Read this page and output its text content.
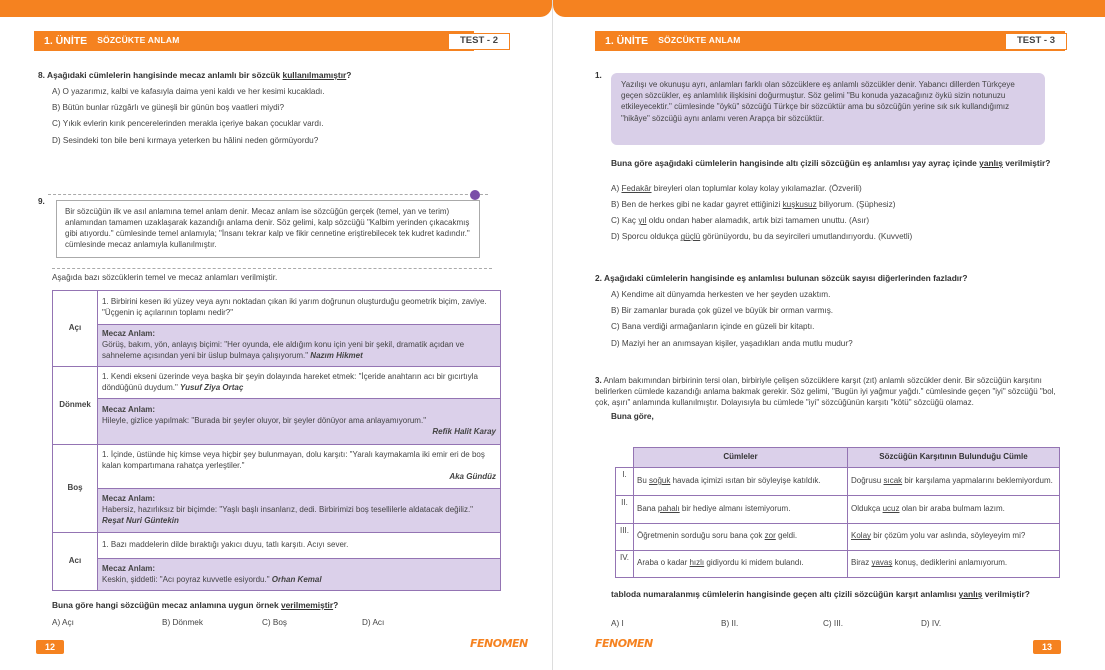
1. ÜNİTE SÖZCÜKTE ANLAM	TEST - 2
8. Aşağıdaki cümlelerin hangisinde mecaz anlamlı bir sözcük kullanılmamıştır?
A) O yazarımız, kalbi ve kafasıyla daima yeni kaldı ve her kesimi kucakladı.
B) Bütün bunlar rüzgârlı ve güneşli bir günün boş vaatleri miydi?
C) Yıkık evlerin kırık pencerelerinden merakla içeriye bakan çocuklar vardı.
D) Sesindeki ton bile beni kırmaya yeterken bu hâlini neden görmüyordu?
9.
Bir sözcüğün ilk ve asıl anlamına temel anlam denir. Mecaz anlam ise sözcüğün gerçek (temel, yan ve terim) anlamından tamamen uzaklaşarak kazandığı anlama denir. Söz gelimi, kalp sözcüğü "Kalbim yerinden çıkacakmış gibi atıyordu." cümlesinde temel anlamıyla; "İnsanı tekrar kalp ve fikir cennetine eriştirebilecek tek kudret kadındır." cümlesinde mecaz anlamıyla kullanılmıştır.
Aşağıda bazı sözcüklerin temel ve mecaz anlamları verilmiştir.
Açı	1. Birbirini kesen iki yüzey veya aynı noktadan çıkan iki yarım doğrunun oluşturduğu geometrik biçim, zaviye. "Üçgenin iç açılarının toplamı nedir?"

	Mecaz Anlam:
Görüş, bakım, yön, anlayış biçimi: "Her oyunda, ele aldığım konu için yeni bir şekil, dramatik açıdan ve sahneleme açısından yeni bir üslup bulmaya çalışıyorum." Nazım Hikmet
Dönmek	1. Kendi ekseni üzerinde veya başka bir şeyin dolayında hareket etmek: "İçeride anahtarın acı bir gıcırtıyla döndüğünü duydum." Yusuf Ziya Ortaç

	Mecaz Anlam:
Hileyle, gizlice yapılmak: "Burada bir şeyler oluyor, bir şeyler dönüyor ama anlayamıyorum."
Refik Halit Karay

Boş	1. İçinde, üstünde hiç kimse veya hiçbir şey bulunmayan, dolu karşıtı: "Yaralı kaymakamla iki emir eri de boş kalan kompartımana rahatça yerleştiler."
Aka Gündüz

	Mecaz Anlam:
Habersiz, hazırlıksız bir biçimde: "Yaşlı başlı insanlarız, dedi. Birbirimizi boş tesellilerle aldatacak değiliz." Reşat Nuri Güntekin
Acı	1. Bazı maddelerin dilde bıraktığı yakıcı duyu, tatlı karşıtı. Acıyı sever.

	Mecaz Anlam:
Keskin, şiddetli: "Acı poyraz kuvvetle esiyordu." Orhan Kemal
Buna göre hangi sözcüğün mecaz anlamına uygun örnek verilmemiştir?
A) Açı	B) Dönmek	C) Boş	D) Acı
12	FENOMEN
1. ÜNİTE SÖZCÜKTE ANLAM	TEST - 3
1.
Yazılışı ve okunuşu ayrı, anlamları farklı olan sözcüklere eş anlamlı sözcükler denir. Yabancı dillerden Türkçeye geçen sözcükler, eş anlamlılık ilişkisini doğurmuştur. Söz gelimi "Bu konuda yazacağınız öykü sizin notunuzu etkileyecektir." cümlesinde "öykü" sözcüğü Türkçe bir sözcüktür ama bu sözcüğün yerine sık sık kullandığımız "hikâye" sözcüğü aynı anlamı veren Arapça bir sözcüktür.
Buna göre aşağıdaki cümlelerin hangisinde altı çizili sözcüğün eş anlamlısı yay ayraç içinde yanlış verilmiştir?
A) Fedakâr bireyleri olan toplumlar kolay kolay yıkılamazlar. (Özverili)
B) Ben de herkes gibi ne kadar gayret ettiğinizi kuşkusuz biliyorum. (Şüphesiz)
C) Kaç yıl oldu ondan haber alamadık, artık bizi tamamen unuttu. (Asır)
D) Sporcu oldukça güçlü görünüyordu, bu da seyircileri umutlandırıyordu. (Kuvvetli)
2. Aşağıdaki cümlelerin hangisinde eş anlamlısı bulunan sözcük sayısı diğerlerinden fazladır?
A) Kendime ait dünyamda herkesten ve her şeyden uzaktım.
B) Bir zamanlar burada çok güzel ve büyük bir orman varmış.
C) Bana verdiği armağanların içinde en güzeli bir kitaptı.
D) Maziyi her an anımsayan kişiler, yaşadıkları anda mutlu mudur?
3. Anlam bakımından birbirinin tersi olan, birbiriyle çelişen sözcüklere karşıt (zıt) anlamlı sözcükler denir. Bir sözcüğün karşıtını belirlerken cümlede kazandığı anlama bakmak gerekir. Söz gelimi, "Bugün iyi yağmur yağdı." cümlesinde geçen "iyi" sözcüğü "bol, çok, aşırı" anlamında kullanılmıştır. Dolayısıyla bu cümlede "iyi" sözcüğünün karşıtı "kötü" sözcüğü olamaz.
Buna göre,
	Cümleler	Sözcüğün Karşıtının Bulunduğu Cümle
I.	Bu soğuk havada içimizi ısıtan bir söyleyişe katıldık.	Doğrusu sıcak bir karşılama yapmalarını beklemiyordum.
II.	Bana pahalı bir hediye almanı istemiyorum.	Oldukça ucuz olan bir araba bulmam lazım.
III.	Öğretmenin sorduğu soru bana çok zor geldi.	Kolay bir çözüm yolu var aslında, söyleyeyim mi?
IV.	Araba o kadar hızlı gidiyordu ki midem bulandı.	Biraz yavaş konuş, dediklerini anlamıyorum.
tabloda numaralanmış cümlelerin hangisinde geçen altı çizili sözcüğün karşıt anlamlısı yanlış verilmiştir?
A) I	B) II.	C) III.	D) IV.
FENOMEN	13
